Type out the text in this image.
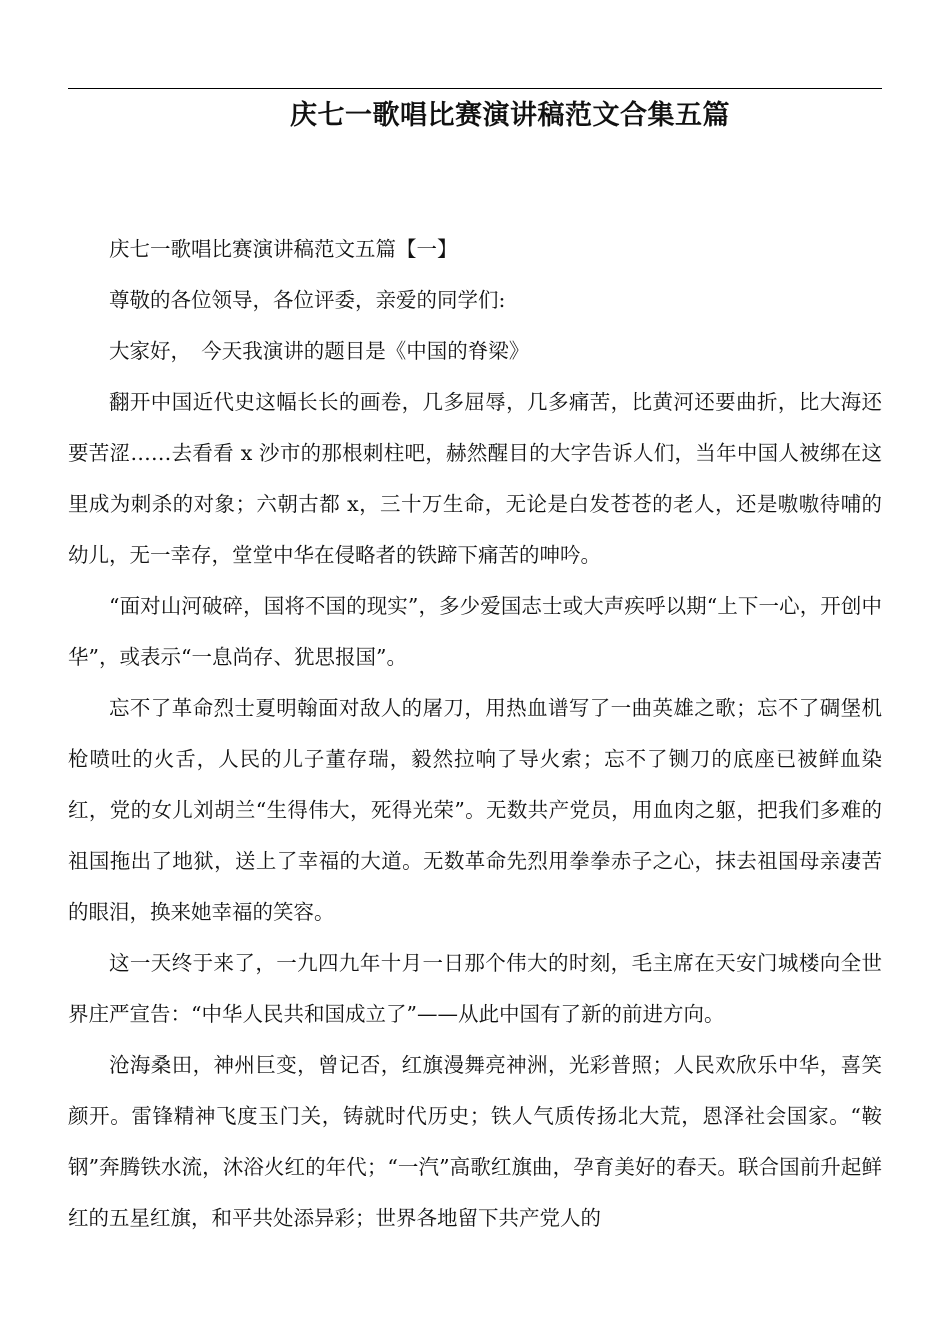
庆七一歌唱比赛演讲稿范文合集五篇

庆七一歌唱比赛演讲稿范文五篇【一】

尊敬的各位领导，各位评委，亲爱的同学们:

大家好，　今天我演讲的题目是《中国的脊梁》

翻开中国近代史这幅长长的画卷，几多屈辱，几多痛苦，比黄河还要曲折，比大海还要苦涩……去看看 x 沙市的那根刺柱吧，赫然醒目的大字告诉人们，当年中国人被绑在这里成为刺杀的对象；六朝古都 x，三十万生命，无论是白发苍苍的老人，还是嗷嗷待哺的幼儿，无一幸存，堂堂中华在侵略者的铁蹄下痛苦的呻吟。

“面对山河破碎，国将不国的现实”，多少爱国志士或大声疾呼以期“上下一心，开创中华”，或表示“一息尚存、犹思报国”。

忘不了革命烈士夏明翰面对敌人的屠刀，用热血谱写了一曲英雄之歌；忘不了碉堡机枪喷吐的火舌，人民的儿子董存瑞，毅然拉响了导火索；忘不了铡刀的底座已被鲜血染红，党的女儿刘胡兰“生得伟大，死得光荣”。无数共产党员，用血肉之躯，把我们多难的祖国拖出了地狱，送上了幸福的大道。无数革命先烈用拳拳赤子之心，抹去祖国母亲凄苦的眼泪，换来她幸福的笑容。

这一天终于来了，一九四九年十月一日那个伟大的时刻，毛主席在天安门城楼向全世界庄严宣告：“中华人民共和国成立了”——从此中国有了新的前进方向。

沧海桑田，神州巨变，曾记否，红旗漫舞亮神洲，光彩普照；人民欢欣乐中华，喜笑颜开。雷锋精神飞度玉门关，铸就时代历史；铁人气质传扬北大荒，恩泽社会国家。“鞍钢”奔腾铁水流，沐浴火红的年代；“一汽”高歌红旗曲，孕育美好的春天。联合国前升起鲜红的五星红旗，和平共处添异彩；世界各地留下共产党人的
